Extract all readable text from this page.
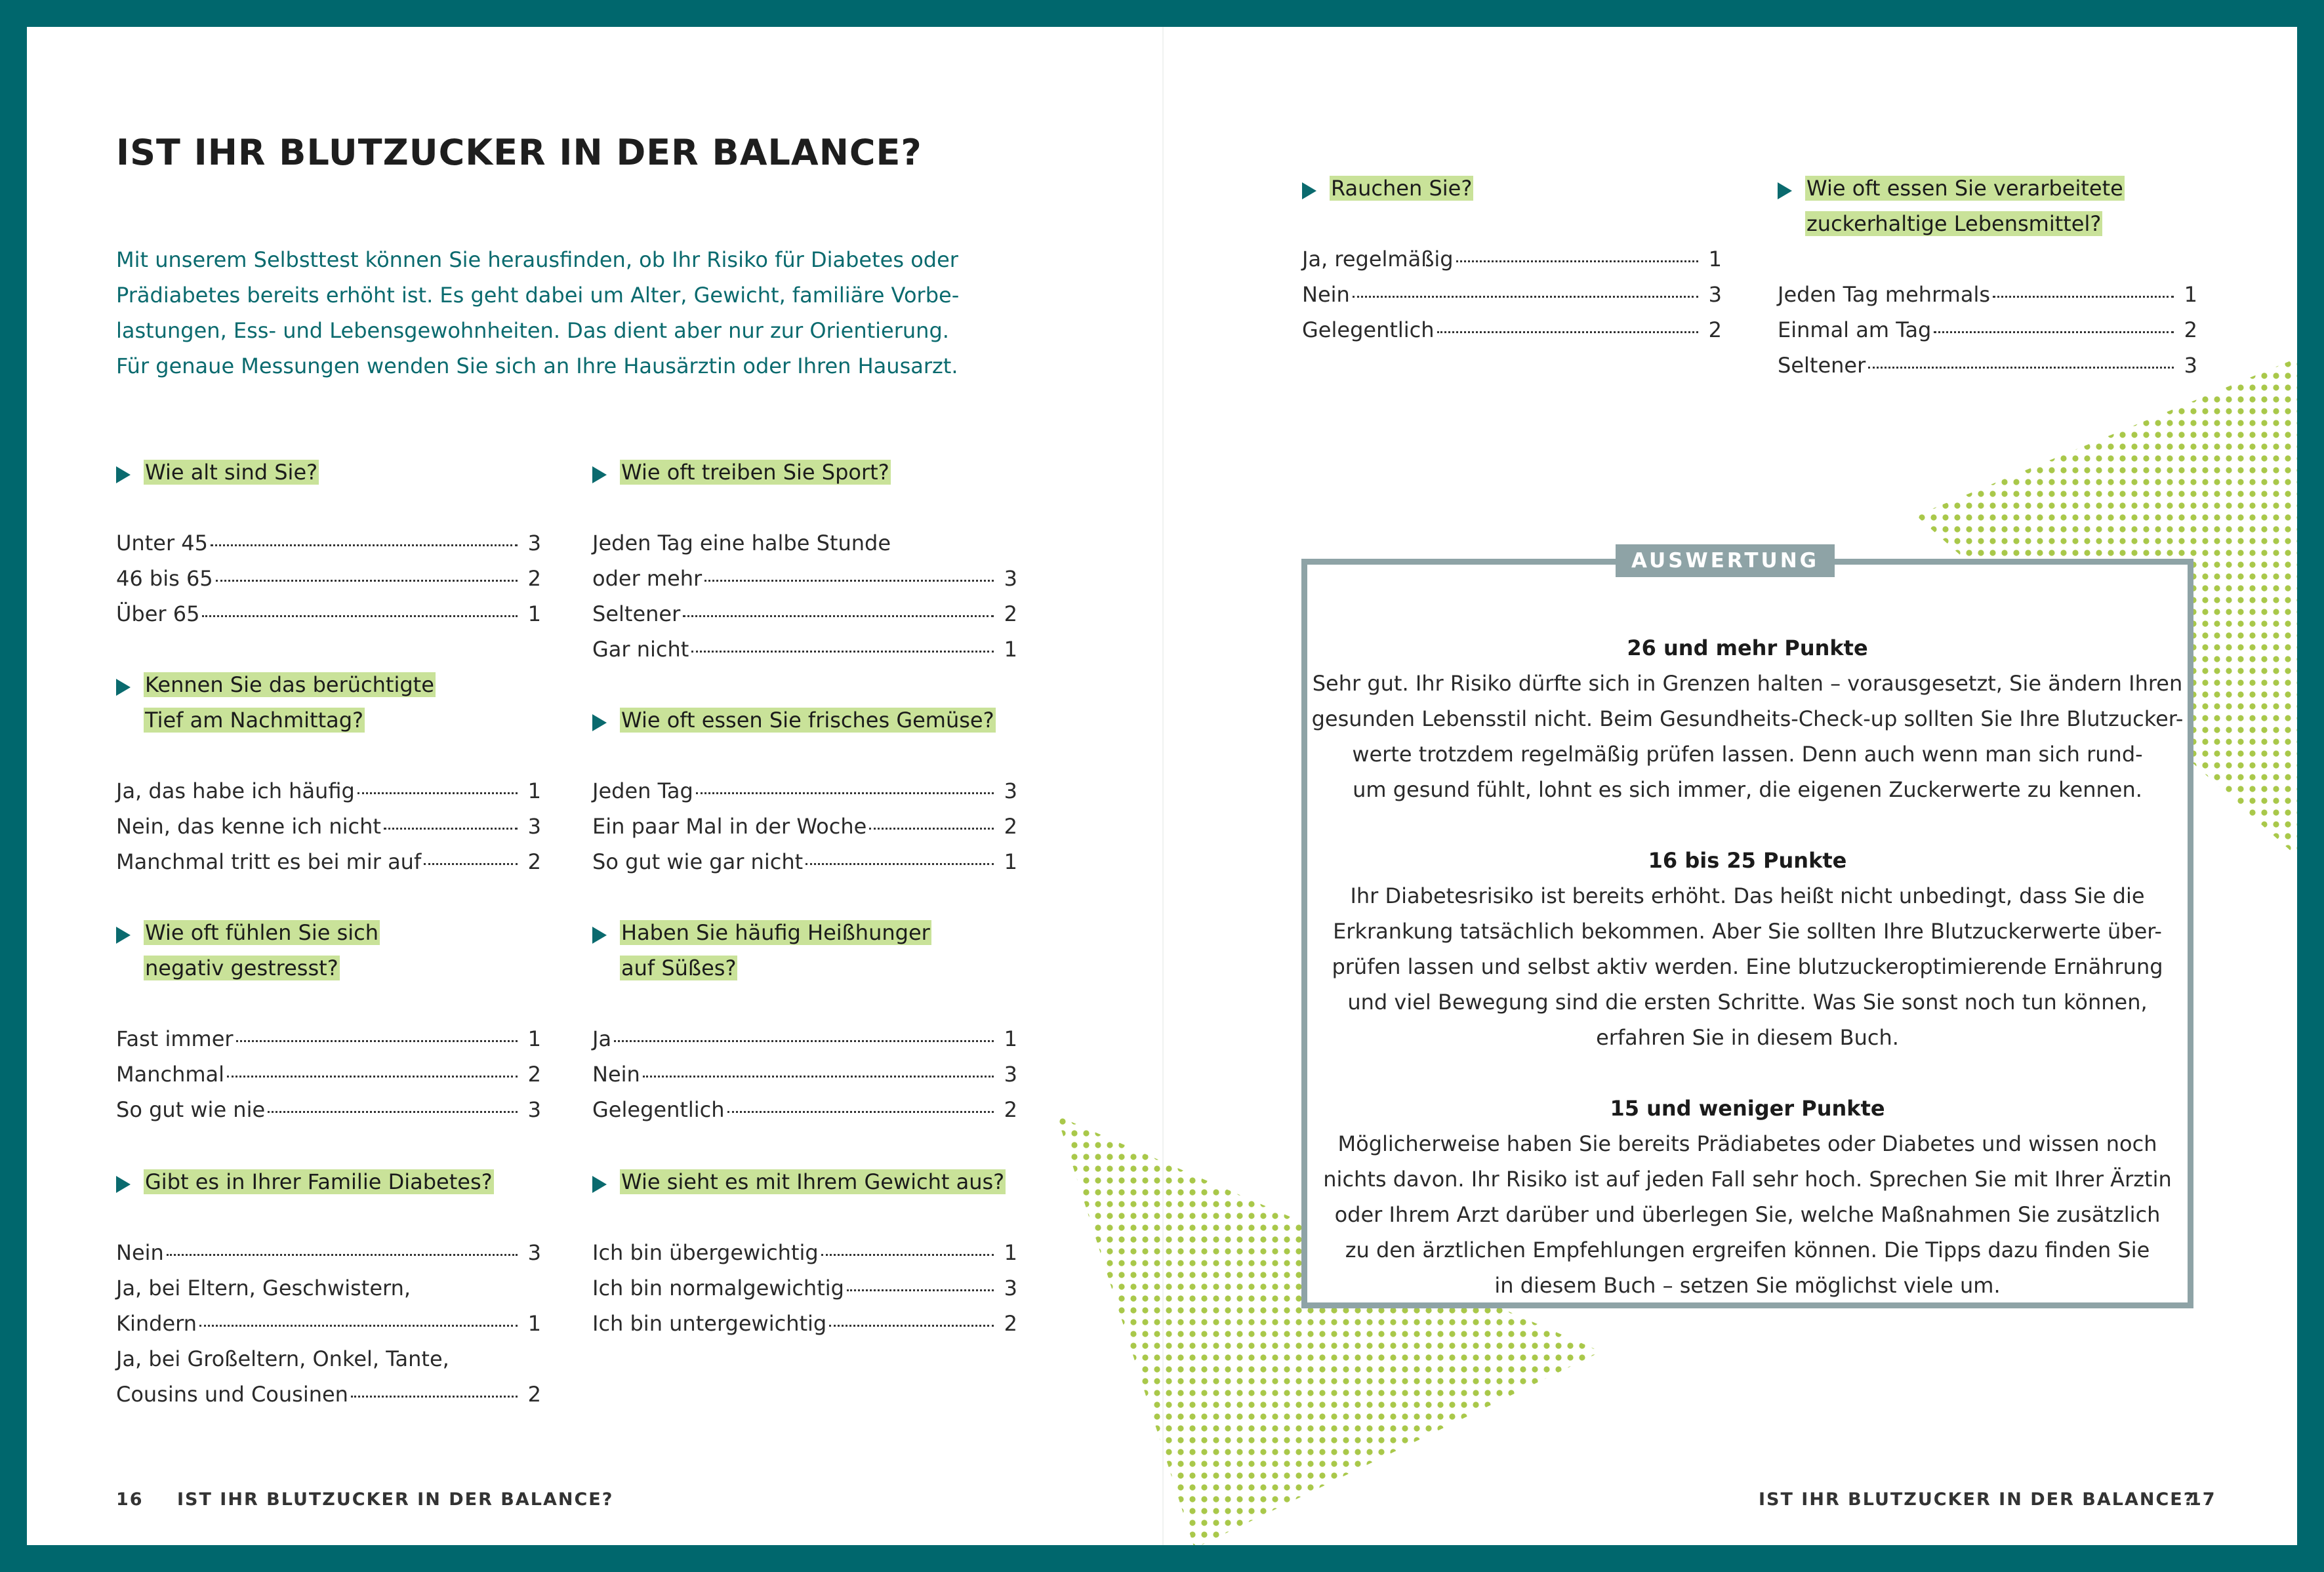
IST IHR BLUTZUCKER IN DER BALANCE?
Mit unserem Selbsttest können Sie herausfinden, ob Ihr Risiko für Diabetes oder
Prädiabetes bereits erhöht ist. Es geht dabei um Alter, Gewicht, familiäre Vorbe-
lastungen, Ess- und Lebensgewohnheiten. Das dient aber nur zur Orientierung.
Für genaue Messungen wenden Sie sich an Ihre Hausärztin oder Ihren Hausarzt.
Wie alt sind Sie?
Unter 45	3
46 bis 65	2
Über 65	1
Kennen Sie das berüchtigte
Tief am Nachmittag?
Ja, das habe ich häufig	1
Nein, das kenne ich nicht	3
Manchmal tritt es bei mir auf	2
Wie oft fühlen Sie sich
negativ gestresst?
Fast immer	1
Manchmal	2
So gut wie nie	3
Gibt es in Ihrer Familie Diabetes?
Nein	3
Ja, bei Eltern, Geschwistern,
Kindern	1
Ja, bei Großeltern, Onkel, Tante,
Cousins und Cousinen	2
Wie oft treiben Sie Sport?
Jeden Tag eine halbe Stunde
oder mehr	3
Seltener	2
Gar nicht	1
Wie oft essen Sie frisches Gemüse?
Jeden Tag	3
Ein paar Mal in der Woche	2
So gut wie gar nicht	1
Haben Sie häufig Heißhunger
auf Süßes?
Ja	1
Nein	3
Gelegentlich	2
Wie sieht es mit Ihrem Gewicht aus?
Ich bin übergewichtig	1
Ich bin normalgewichtig	3
Ich bin untergewichtig	2
Rauchen Sie?
Ja, regelmäßig	1
Nein	3
Gelegentlich	2
Wie oft essen Sie verarbeitete
zuckerhaltige Lebensmittel?
Jeden Tag mehrmals	1
Einmal am Tag	2
Seltener	3
AUSWERTUNG
26 und mehr Punkte
Sehr gut. Ihr Risiko dürfte sich in Grenzen halten – vorausgesetzt, Sie ändern Ihren
gesunden Lebensstil nicht. Beim Gesundheits-Check-up sollten Sie Ihre Blutzucker-
werte trotzdem regelmäßig prüfen lassen. Denn auch wenn man sich rund-
um gesund fühlt, lohnt es sich immer, die eigenen Zuckerwerte zu kennen.
16 bis 25 Punkte
Ihr Diabetesrisiko ist bereits erhöht. Das heißt nicht unbedingt, dass Sie die
Erkrankung tatsächlich bekommen. Aber Sie sollten Ihre Blutzuckerwerte über-
prüfen lassen und selbst aktiv werden. Eine blutzuckeroptimierende Ernährung
und viel Bewegung sind die ersten Schritte. Was Sie sonst noch tun können,
erfahren Sie in diesem Buch.
15 und weniger Punkte
Möglicherweise haben Sie bereits Prädiabetes oder Diabetes und wissen noch
nichts davon. Ihr Risiko ist auf jeden Fall sehr hoch. Sprechen Sie mit Ihrer Ärztin
oder Ihrem Arzt darüber und überlegen Sie, welche Maßnahmen Sie zusätzlich
zu den ärztlichen Empfehlungen ergreifen können. Die Tipps dazu finden Sie
in diesem Buch – setzen Sie möglichst viele um.
16 IST IHR BLUTZUCKER IN DER BALANCE?	IST IHR BLUTZUCKER IN DER BALANCE?
17
